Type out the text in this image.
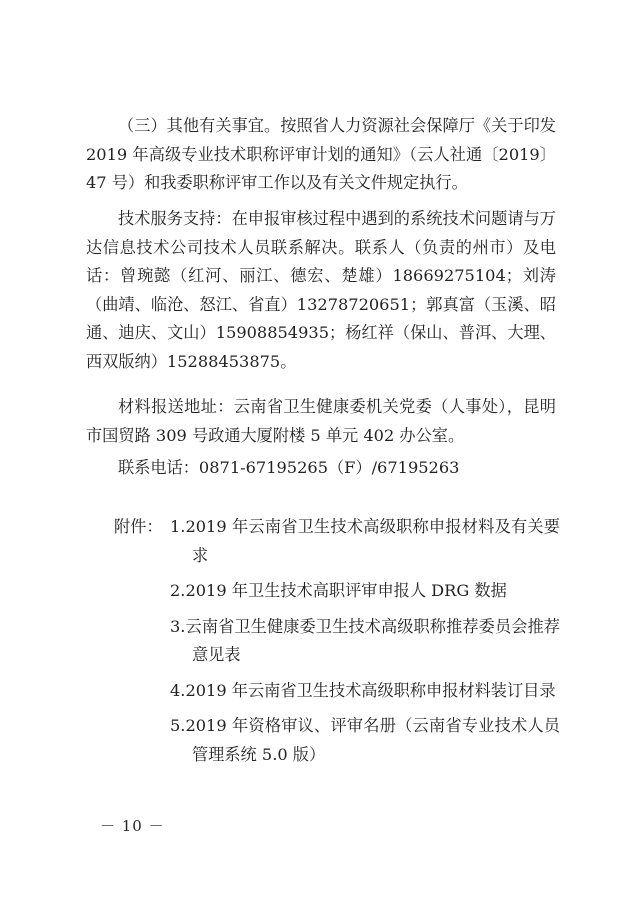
（三）其他有关事宜。按照省人力资源社会保障厅《关于印发 2019 年高级专业技术职称评审计划的通知》（云人社通〔2019〕47 号）和我委职称评审工作以及有关文件规定执行。

技术服务支持：在申报审核过程中遇到的系统技术问题请与万达信息技术公司技术人员联系解决。联系人（负责的州市）及电话：曾琬懿（红河、丽江、德宏、楚雄）18669275104；刘涛（曲靖、临沧、怒江、省直）13278720651；郭真富（玉溪、昭通、迪庆、文山）15908854935；杨红祥（保山、普洱、大理、西双版纳）15288453875。

材料报送地址：云南省卫生健康委机关党委（人事处），昆明市国贸路 309 号政通大厦附楼 5 单元 402 办公室。

联系电话：0871-67195265（F）/67195263

附件： 1.2019 年云南省卫生技术高级职称申报材料及有关要求
2.2019 年卫生技术高职评审申报人 DRG 数据
3.云南省卫生健康委卫生技术高级职称推荐委员会推荐意见表
4.2019 年云南省卫生技术高级职称申报材料装订目录
5.2019 年资格审议、评审名册（云南省专业技术人员管理系统 5.0 版）
－ 10 －
